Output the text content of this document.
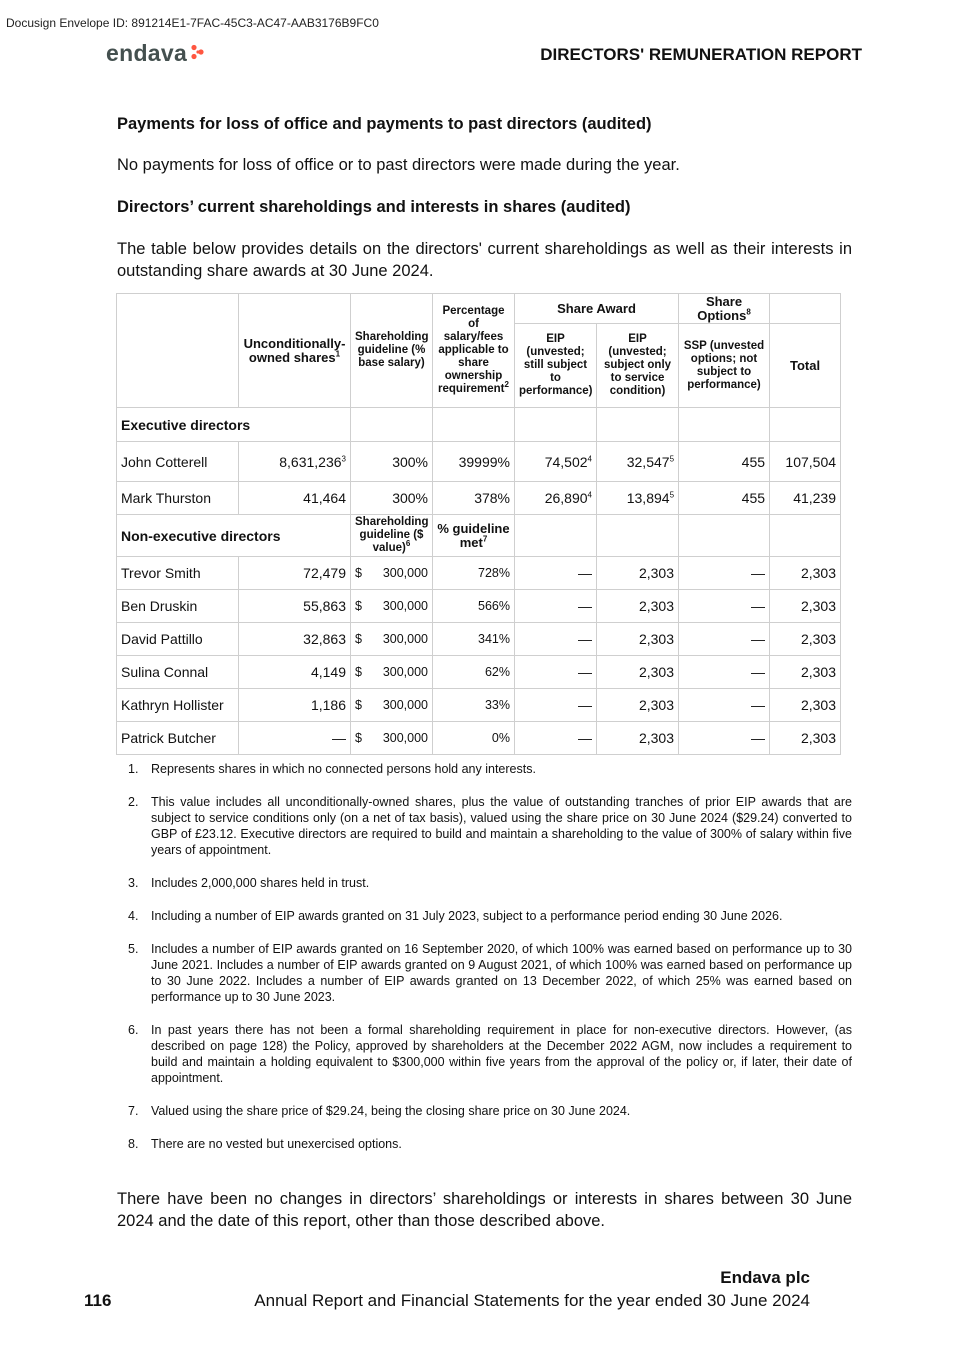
Docusign Envelope ID: 891214E1-7FAC-45C3-AC47-AAB3176B9FC0
endava	DIRECTORS' REMUNERATION REPORT
Payments for loss of office and payments to past directors (audited)
No payments for loss of office or to past directors were made during the year.
Directors’ current shareholdings and interests in shares (audited)
The table below provides details on the directors' current shareholdings as well as their interests in outstanding share awards at 30 June 2024.
	Unconditionally-owned shares$^1$	Shareholding guideline (% base salary)	Percentage of salary/fees applicable to share ownership requirement$^2$	Share Award		Share Options$^8$	
				EIP (unvested; still subject to performance)	EIP (unvested; subject only to service condition)	SSP (unvested options; not subject to performance)	Total
Executive directors							
John Cotterell	8,631,236$^3$	300%	39999%	74,502$^4$	32,547$^5$	455	107,504
Mark Thurston	41,464	300%	378%	26,890$^4$	13,894$^5$	455	41,239
Non-executive directors		Shareholding guideline ($ value)$^6$	% guideline met$^7$				
Trevor Smith	72,479	$ 300,000	728%	—	2,303	—	2,303
Ben Druskin	55,863	$ 300,000	566%	—	2,303	—	2,303
David Pattillo	32,863	$ 300,000	341%	—	2,303	—	2,303
Sulina Connal	4,149	$ 300,000	62%	—	2,303	—	2,303
Kathryn Hollister	1,186	$ 300,000	33%	—	2,303	—	2,303
Patrick Butcher	—	$ 300,000	0%	—	2,303	—	2,303
1. Represents shares in which no connected persons hold any interests.
2. This value includes all unconditionally-owned shares, plus the value of outstanding tranches of prior EIP awards that are subject to service conditions only (on a net of tax basis), valued using the share price on 30 June 2024 ($29.24) converted to GBP of £23.12. Executive directors are required to build and maintain a shareholding to the value of 300% of salary within five years of appointment.
3. Includes 2,000,000 shares held in trust.
4. Including a number of EIP awards granted on 31 July 2023, subject to a performance period ending 30 June 2026.
5. Includes a number of EIP awards granted on 16 September 2020, of which 100% was earned based on performance up to 30 June 2021. Includes a number of EIP awards granted on 9 August 2021, of which 100% was earned based on performance up to 30 June 2022. Includes a number of EIP awards granted on 13 December 2022, of which 25% was earned based on performance up to 30 June 2023.
6. In past years there has not been a formal shareholding requirement in place for non-executive directors. However, (as described on page 128) the Policy, approved by shareholders at the December 2022 AGM, now includes a requirement to build and maintain a holding equivalent to $300,000 within five years from the approval of the policy or, if later, their date of appointment.
7. Valued using the share price of $29.24, being the closing share price on 30 June 2024.
8. There are no vested but unexercised options.
There have been no changes in directors’ shareholdings or interests in shares between 30 June 2024 and the date of this report, other than those described above.
Endava plc
116	Annual Report and Financial Statements for the year ended 30 June 2024
